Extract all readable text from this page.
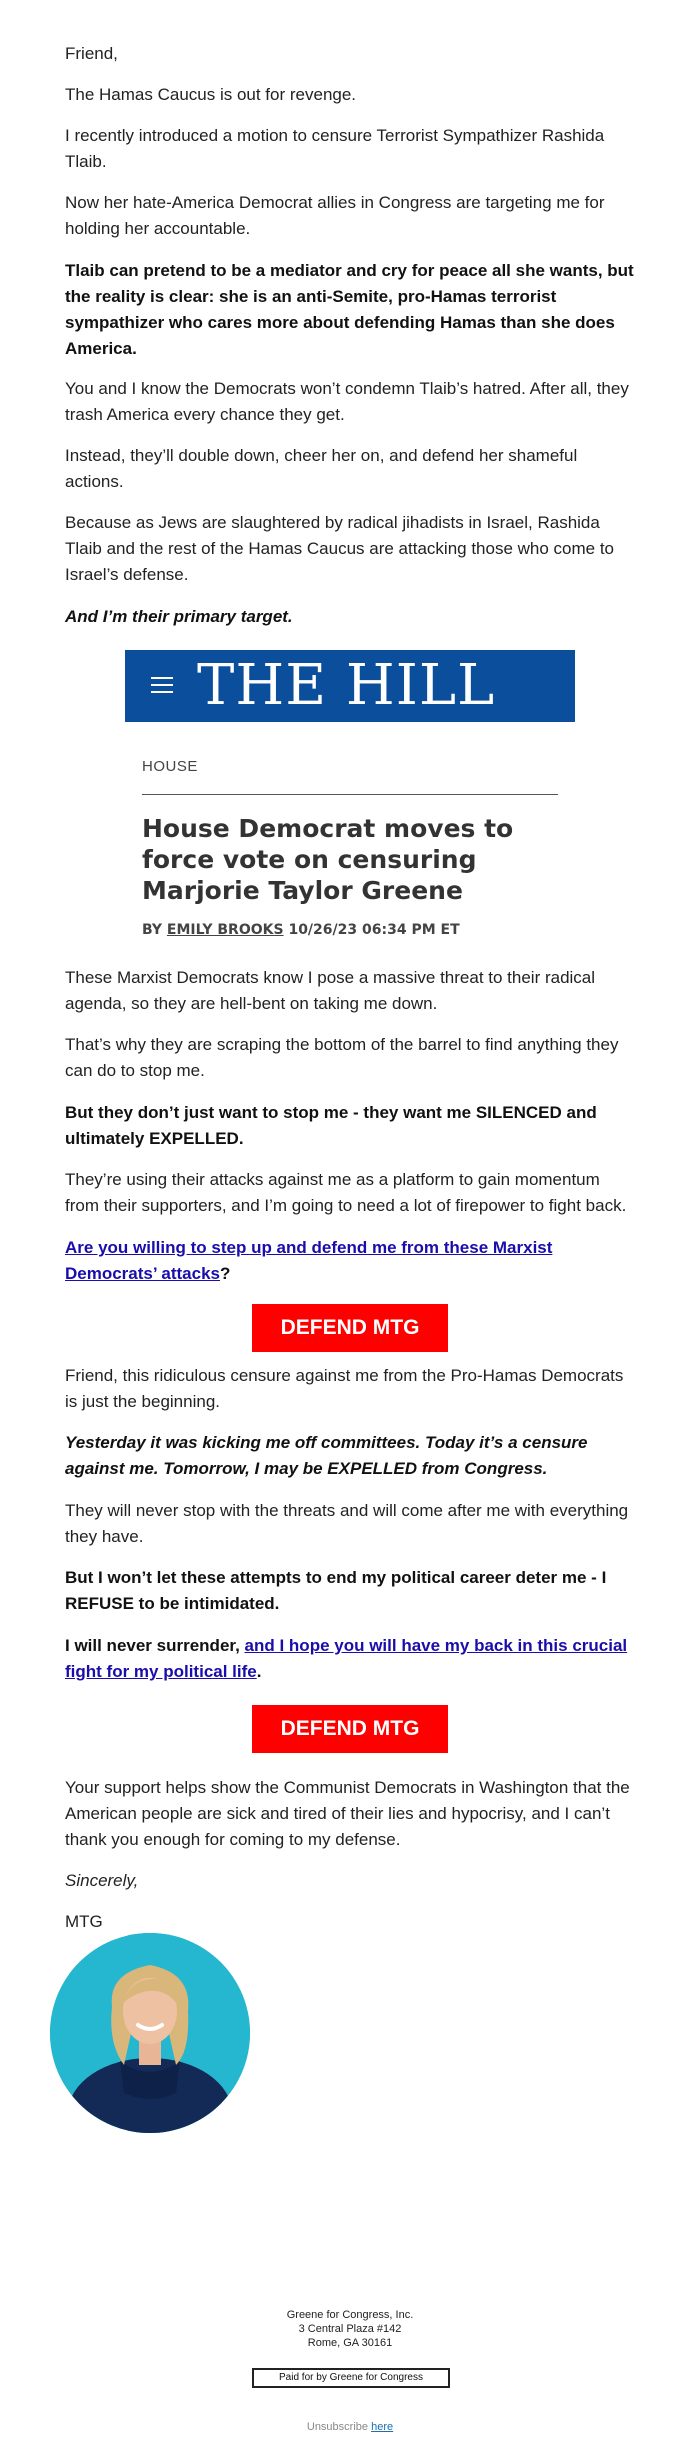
Friend,

The Hamas Caucus is out for revenge.

I recently introduced a motion to censure Terrorist Sympathizer Rashida Tlaib.

Now her hate-America Democrat allies in Congress are targeting me for holding her accountable.

Tlaib can pretend to be a mediator and cry for peace all she wants, but the reality is clear: she is an anti-Semite, pro-Hamas terrorist sympathizer who cares more about defending Hamas than she does America.

You and I know the Democrats won’t condemn Tlaib’s hatred. After all, they trash America every chance they get.

Instead, they’ll double down, cheer her on, and defend her shameful actions.

Because as Jews are slaughtered by radical jihadists in Israel, Rashida Tlaib and the rest of the Hamas Caucus are attacking those who come to Israel’s defense.

And I’m their primary target.

These Marxist Democrats know I pose a massive threat to their radical agenda, so they are hell-bent on taking me down.

That’s why they are scraping the bottom of the barrel to find anything they can do to stop me.

But they don’t just want to stop me - they want me SILENCED and ultimately EXPELLED.

They’re using their attacks against me as a platform to gain momentum from their supporters, and I’m going to need a lot of firepower to fight back.

Are you willing to step up and defend me from these Marxist Democrats’ attacks?

Friend, this ridiculous censure against me from the Pro-Hamas Democrats is just the beginning.

Yesterday it was kicking me off committees. Today it’s a censure against me. Tomorrow, I may be EXPELLED from Congress.

They will never stop with the threats and will come after me with everything they have.

But I won’t let these attempts to end my political career deter me - I REFUSE to be intimidated.

I will never surrender, and I hope you will have my back in this crucial fight for my political life.

Your support helps show the Communist Democrats in Washington that the American people are sick and tired of their lies and hypocrisy, and I can’t thank you enough for coming to my defense.

Sincerely,

MTG

THE HILL
HOUSE
House Democrat moves to force vote on censuring Marjorie Taylor Greene
BY EMILY BROOKS 10/26/23 06:34 PM ET
DEFEND MTG
DEFEND MTG
Greene for Congress, Inc.
3 Central Plaza #142
Rome, GA 30161
Paid for by Greene for Congress
Unsubscribe here
